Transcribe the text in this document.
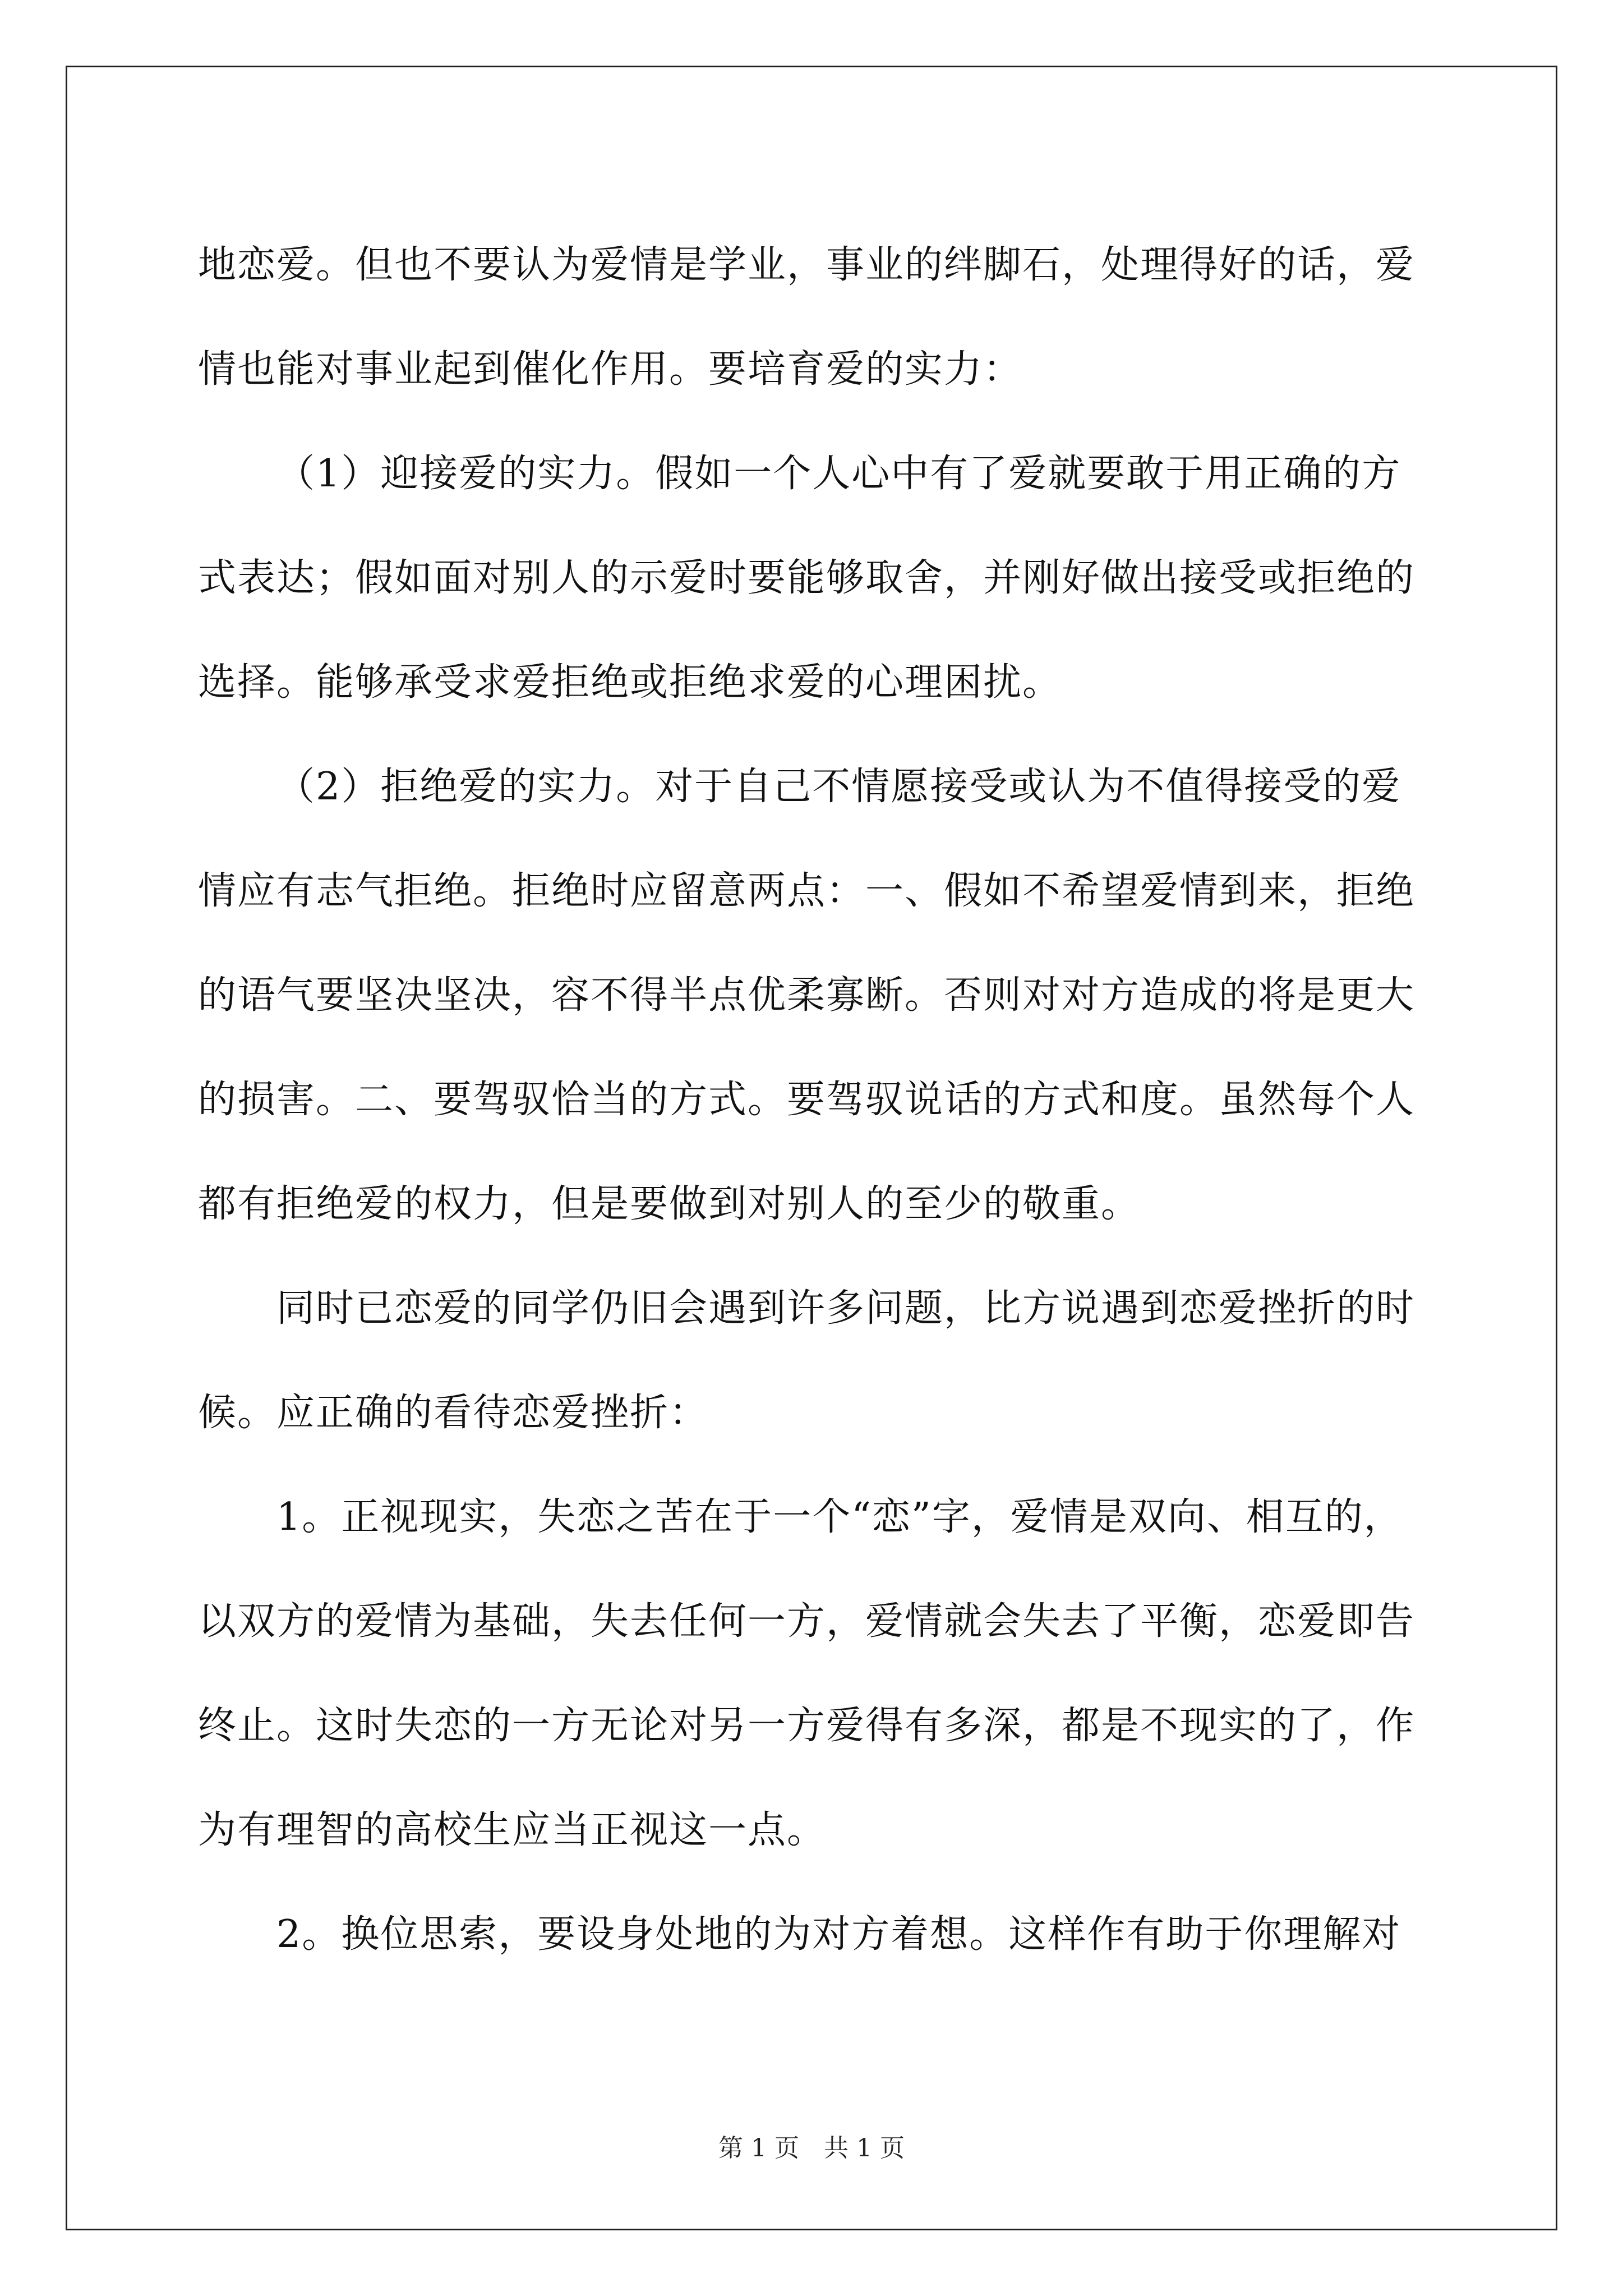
地恋爱。但也不要认为爱情是学业，事业的绊脚石，处理得好的话，爱情也能对事业起到催化作用。要培育爱的实力：

（1）迎接爱的实力。假如一个人心中有了爱就要敢于用正确的方式表达；假如面对别人的示爱时要能够取舍，并刚好做出接受或拒绝的选择。能够承受求爱拒绝或拒绝求爱的心理困扰。

（2）拒绝爱的实力。对于自己不情愿接受或认为不值得接受的爱情应有志气拒绝。拒绝时应留意两点：一、假如不希望爱情到来，拒绝的语气要坚决坚决，容不得半点优柔寡断。否则对对方造成的将是更大的损害。二、要驾驭恰当的方式。要驾驭说话的方式和度。虽然每个人都有拒绝爱的权力，但是要做到对别人的至少的敬重。

同时已恋爱的同学仍旧会遇到许多问题，比方说遇到恋爱挫折的时候。应正确的看待恋爱挫折：

1。正视现实，失恋之苦在于一个“恋”字，爱情是双向、相互的，以双方的爱情为基础，失去任何一方，爱情就会失去了平衡，恋爱即告终止。这时失恋的一方无论对另一方爱得有多深，都是不现实的了，作为有理智的高校生应当正视这一点。

2。换位思索，要设身处地的为对方着想。这样作有助于你理解对

第 1 页　共 1 页
